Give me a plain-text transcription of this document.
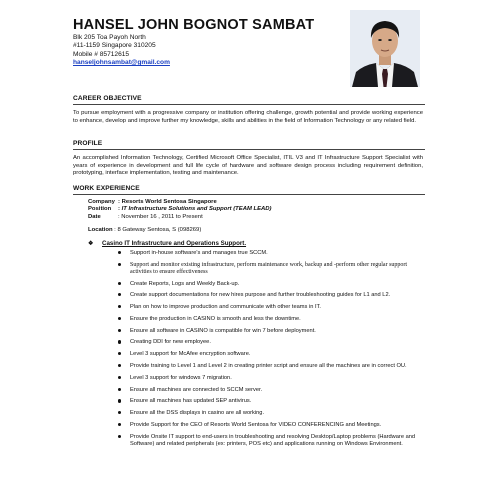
HANSEL JOHN BOGNOT SAMBAT
Blk 205 Toa Payoh North
#11-1159 Singapore 310205
Mobile # 85712615
hanseljohnsambat@gmail.com
CAREER OBJECTIVE
To pursue employment with a progressive company or institution offering challenge, growth potential and provide working experience to enhance, develop and improve further my knowledge, skills and abilities in the field of Information Technology or any related field.
PROFILE
An accomplished Information Technology, Certified Microsoft Office Specialist, ITIL V3 and IT Infrastructure Support Specialist with years of experience in development and full life cycle of hardware and software design process including requirement definition, prototyping, interface implementation, testing and maintenance.
WORK EXPERIENCE
Company : Resorts World Sentosa Singapore
Position : IT Infrastructure Solutions and Support (TEAM LEAD)
Date	: November 16 , 2011 to Present
Location : 8 Gateway Sentosa, S (098269)
❖ Casino IT Infrastructure and Operations Support.
Support in-house software's and manages true SCCM.
Support and monitor existing infrastructure, perform maintenance work, backup and -perform other regular support activities to ensure effectiveness
Create Reports, Logs and Weekly Back-up.
Create support documentations for new hires purpose and further troubleshooting guides for L1 and L2.
Plan on how to improve production and communicate with other teams in IT.
Ensure the production in CASINO is smooth and less the downtime.
Ensure all software in CASINO is compatible for win 7 before deployment.
Creating DDI for new employee.
Level 3 support for McAfee encryption software.
Provide training to Level 1 and Level 2 in creating printer script and ensure all the machines are in correct OU.
Level 3 support for windows 7 migration.
Ensure all machines are connected to SCCM server.
Ensure all machines has updated SEP antivirus.
Ensure all the DSS displays in casino are all working.
Provide Support for the CEO of Resorts World Sentosa for VIDEO CONFERENCING and Meetings.
Provide Onsite IT support to end-users in troubleshooting and resolving Desktop/Laptop problems (Hardware and Software) and related peripherals (ex: printers, POS etc) and applications running on Windows Environment.
